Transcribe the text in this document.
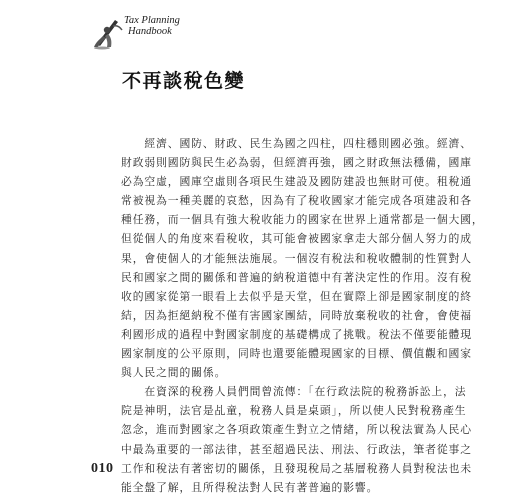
Tax Planning
Handbook
不再談稅色變

　　經濟、國防、財政、民生為國之四柱，四柱穩則國必強。經濟、

財政弱則國防與民生必為弱，但經濟再強，國之財政無法穩備，國庫

必為空虛，國庫空虛則各項民生建設及國防建設也無財可使。租稅通

常被視為一種美麗的哀愁，因為有了稅收國家才能完成各項建設和各

種任務，而一個具有強大稅收能力的國家在世界上通常都是一個大國，

但從個人的角度來看稅收，其可能會被國家拿走大部分個人努力的成

果，會使個人的才能無法施展。一個沒有稅法和稅收體制的性質對人

民和國家之間的關係和普遍的納稅道德中有著決定性的作用。沒有稅

收的國家從第一眼看上去似乎是天堂，但在實際上卻是國家制度的終

結，因為拒絕納稅不僅有害國家團結，同時放棄稅收的社會，會使福

利國形成的過程中對國家制度的基礎構成了挑戰。稅法不僅要能體現

國家制度的公平原則，同時也還要能體現國家的目標、價值觀和國家

與人民之間的關係。

　　在資深的稅務人員們間曾流傳：「在行政法院的稅務訴訟上，法

院是神明，法官是乩童，稅務人員是桌頭」，所以使人民對稅務產生

忽念，進而對國家之各項政策產生對立之情緒，所以稅法實為人民心

中最為重要的一部法律，甚至超過民法、刑法、行政法，筆者從事之

工作和稅法有著密切的關係，且發現稅局之基層稅務人員對稅法也未

能全盤了解，且所得稅法對人民有著普遍的影響。

010
